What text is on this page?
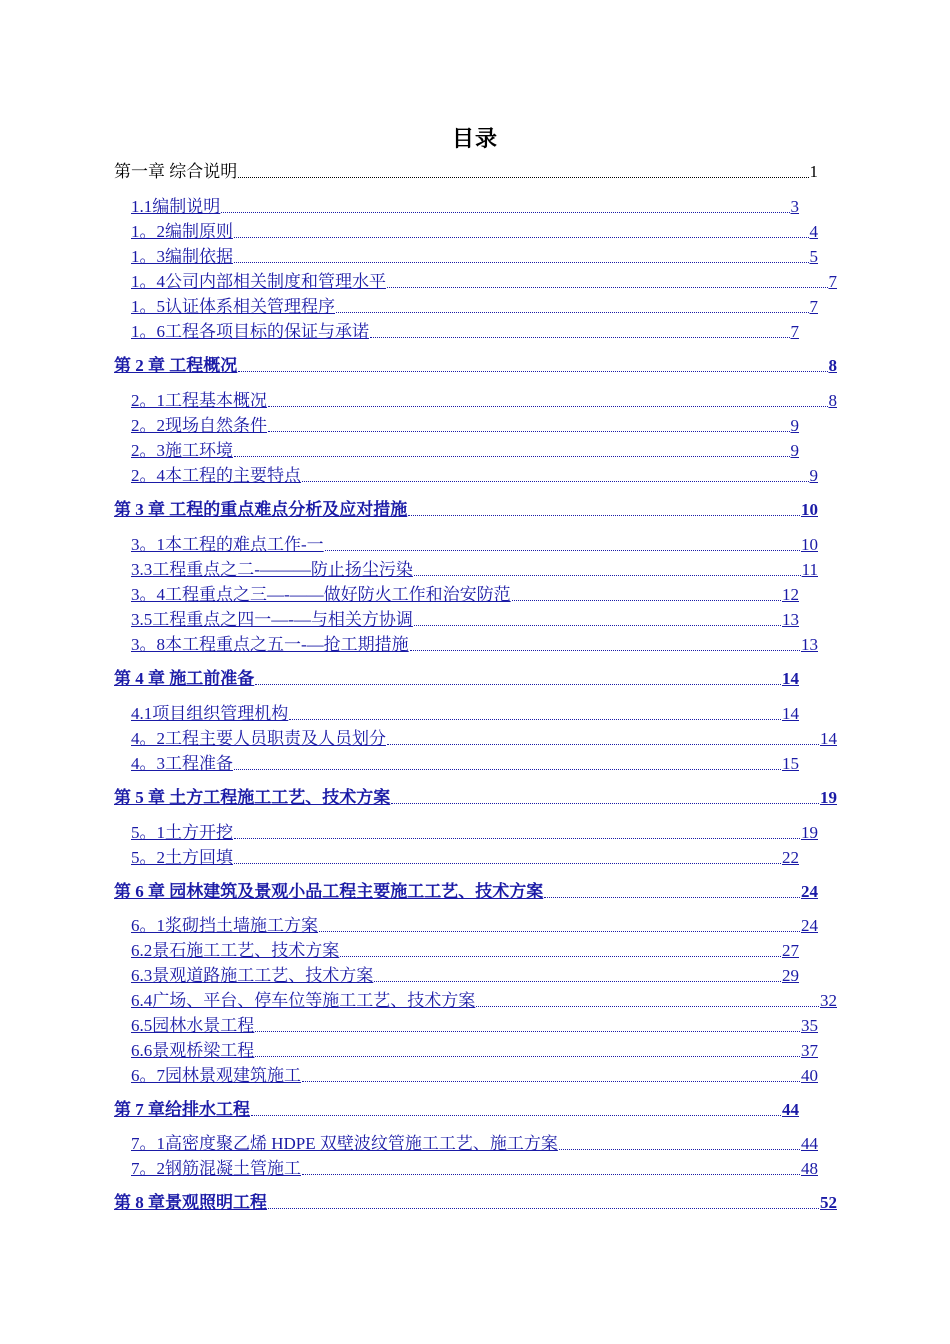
目录
第一章 综合说明	1
1.1编制说明	3
1。2编制原则	4
1。3编制依据	5
1。4公司内部相关制度和管理水平	7
1。5认证体系相关管理程序	7
1。6工程各项目标的保证与承诺	7
第 2 章 工程概况	8
2。1工程基本概况	8
2。2现场自然条件	9
2。3施工环境	9
2。4本工程的主要特点	9
第 3 章 工程的重点难点分析及应对措施	10
3。1本工程的难点工作-一	10
3.3工程重点之二-———防止扬尘污染	11
3。4工程重点之三—-——做好防火工作和治安防范	12
3.5工程重点之四一—-—与相关方协调	13
3。8本工程重点之五一-—抢工期措施	13
第 4 章 施工前准备	14
4.1项目组织管理机构	14
4。2工程主要人员职责及人员划分	14
4。3工程准备	15
第 5 章 土方工程施工工艺、技术方案	19
5。1土方开挖	19
5。2土方回填	22
第 6 章 园林建筑及景观小品工程主要施工工艺、技术方案	24
6。1浆砌挡土墙施工方案	24
6.2景石施工工艺、技术方案	27
6.3景观道路施工工艺、技术方案	29
6.4广场、平台、停车位等施工工艺、技术方案	32
6.5园林水景工程	35
6.6景观桥梁工程	37
6。7园林景观建筑施工	40
第 7 章给排水工程	44
7。1高密度聚乙烯 HDPE 双壁波纹管施工工艺、施工方案	44
7。2钢筋混凝土管施工	48
第 8 章景观照明工程	52
